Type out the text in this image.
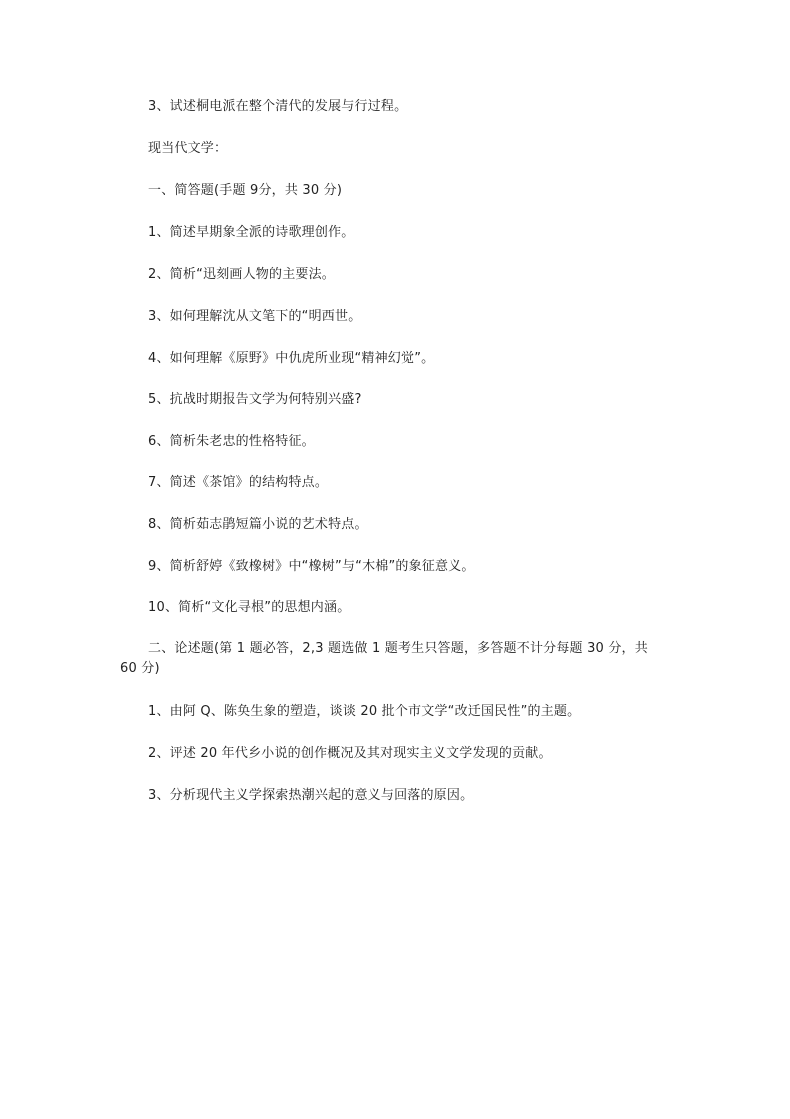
3、试述桐电派在整个清代的发展与行过程。
现当代文学：
一、简答题(手题 9分，共 30 分)
1、简述早期象全派的诗歌理创作。
2、简析“迅刻画人物的主要法。
3、如何理解沈从文笔下的“明西世。
4、如何理解《原野》中仇虎所业现“精神幻觉”。
5、抗战时期报告文学为何特别兴盛?
6、简析朱老忠的性格特征。
7、简述《茶馆》的结构特点。
8、简析茹志鹃短篇小说的艺术特点。
9、简析舒婷《致橡树》中“橡树”与“木棉”的象征意义。
10、简析“文化寻根”的思想内涵。
二、论述题(第 1 题必答，2,3 题选做 1 题考生只答题，多答题不计分每题 30 分，共 60 分)
1、由阿 Q、陈奂生象的塑造，谈谈 20 批个市文学“改迁国民性”的主题。
2、评述 20 年代乡小说的创作概况及其对现实主义文学发现的贡献。
3、分析现代主义学探索热潮兴起的意义与回落的原因。
